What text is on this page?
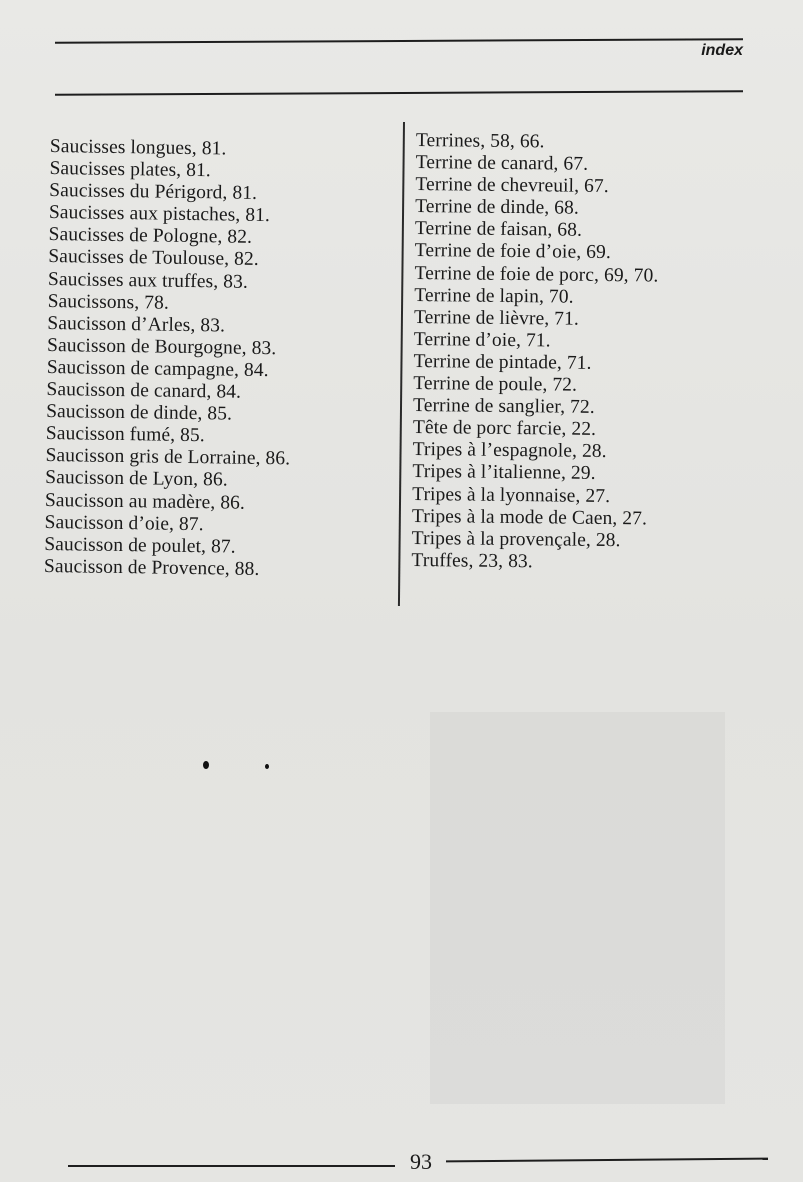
index
Saucisses longues, 81.
Saucisses plates, 81.
Saucisses du Périgord, 81.
Saucisses aux pistaches, 81.
Saucisses de Pologne, 82.
Saucisses de Toulouse, 82.
Saucisses aux truffes, 83.
Saucissons, 78.
Saucisson d’Arles, 83.
Saucisson de Bourgogne, 83.
Saucisson de campagne, 84.
Saucisson de canard, 84.
Saucisson de dinde, 85.
Saucisson fumé, 85.
Saucisson gris de Lorraine, 86.
Saucisson de Lyon, 86.
Saucisson au madère, 86.
Saucisson d’oie, 87.
Saucisson de poulet, 87.
Saucisson de Provence, 88.
Terrines, 58, 66.
Terrine de canard, 67.
Terrine de chevreuil, 67.
Terrine de dinde, 68.
Terrine de faisan, 68.
Terrine de foie d’oie, 69.
Terrine de foie de porc, 69, 70.
Terrine de lapin, 70.
Terrine de lièvre, 71.
Terrine d’oie, 71.
Terrine de pintade, 71.
Terrine de poule, 72.
Terrine de sanglier, 72.
Tête de porc farcie, 22.
Tripes à l’espagnole, 28.
Tripes à l’italienne, 29.
Tripes à la lyonnaise, 27.
Tripes à la mode de Caen, 27.
Tripes à la provençale, 28.
Truffes, 23, 83.
93
